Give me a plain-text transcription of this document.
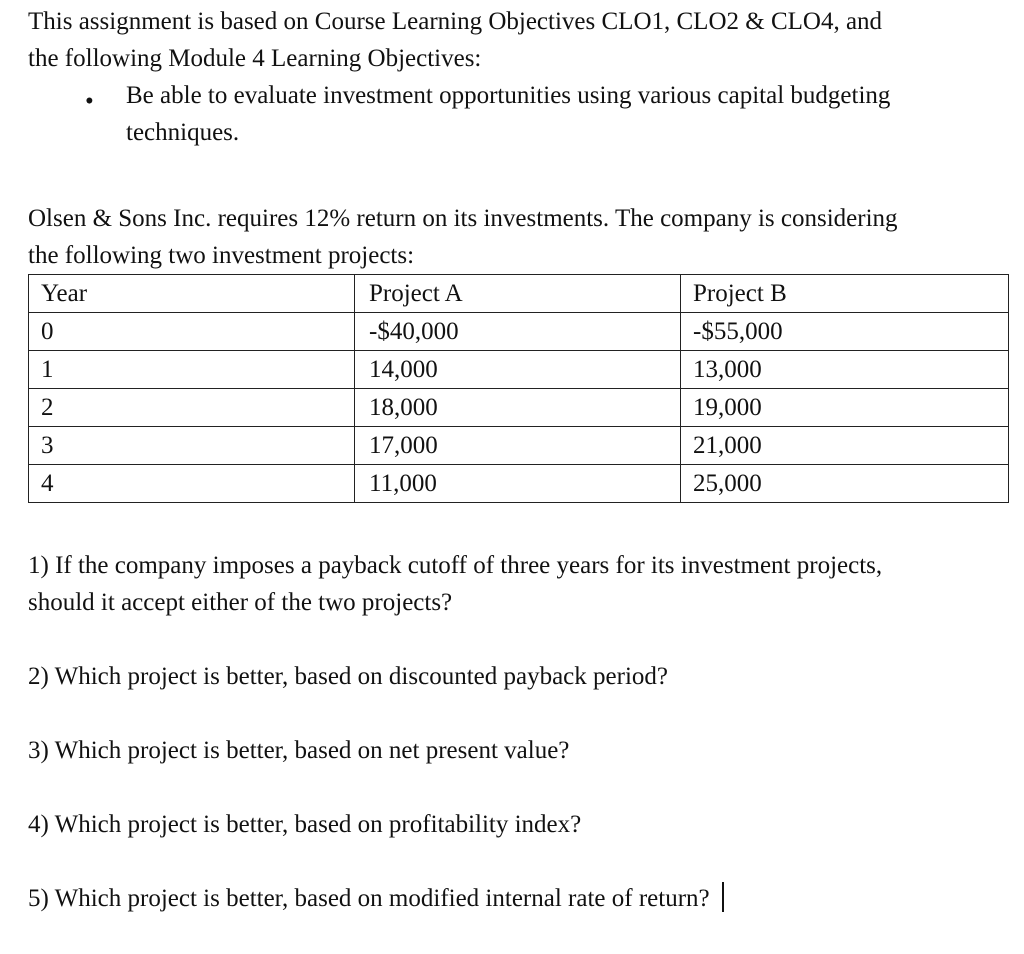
This assignment is based on Course Learning Objectives CLO1, CLO2 & CLO4, and
the following Module 4 Learning Objectives:
• Be able to evaluate investment opportunities using various capital budgeting
techniques.
Olsen & Sons Inc. requires 12% return on its investments. The company is considering
the following two investment projects:
Year	Project A	Project B
0	-$40,000	-$55,000
1	14,000	13,000
2	18,000	19,000
3	17,000	21,000
4	11,000	25,000
1) If the company imposes a payback cutoff of three years for its investment projects,
should it accept either of the two projects?
2) Which project is better, based on discounted payback period?
3) Which project is better, based on net present value?
4) Which project is better, based on profitability index?
5) Which project is better, based on modified internal rate of return?
